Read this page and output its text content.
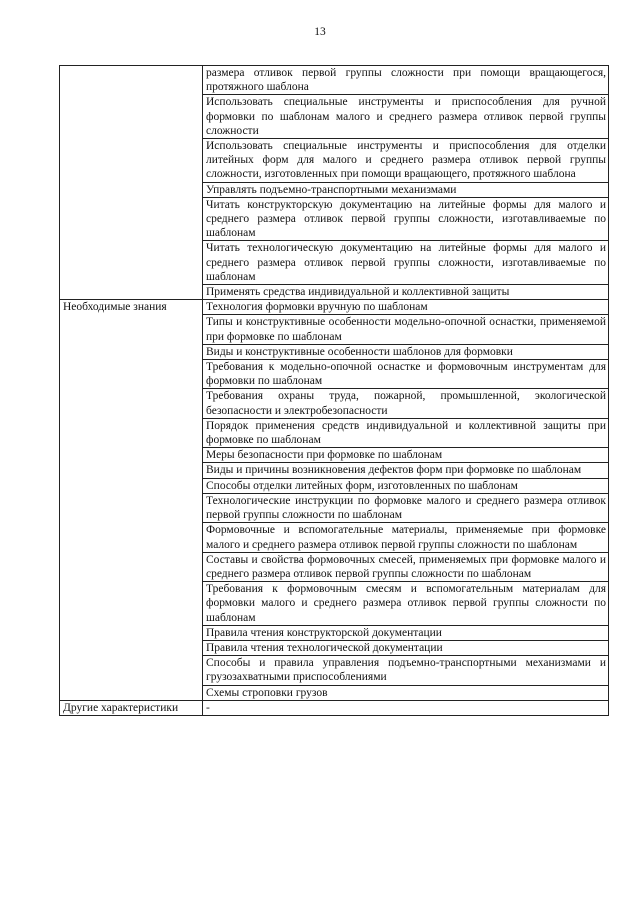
13
	размера отливок первой группы сложности при помощи вращающегося, протяжного шаблона
	Использовать специальные инструменты и приспособления для ручной формовки по шаблонам малого и среднего размера отливок первой группы сложности
	Использовать специальные инструменты и приспособления для отделки литейных форм для малого и среднего размера отливок первой группы сложности, изготовленных при помощи вращающего, протяжного шаблона
	Управлять подъемно-транспортными механизмами
	Читать конструкторскую документацию на литейные формы для малого и среднего размера отливок первой группы сложности, изготавливаемые по шаблонам
	Читать технологическую документацию на литейные формы для малого и среднего размера отливок первой группы сложности, изготавливаемые по шаблонам
	Применять средства индивидуальной и коллективной защиты
Необходимые знания	Технология формовки вручную по шаблонам
	Типы и конструктивные особенности модельно-опочной оснастки, применяемой при формовке по шаблонам
	Виды и конструктивные особенности шаблонов для формовки
	Требования к модельно-опочной оснастке и формовочным инструментам для формовки по шаблонам
	Требования охраны труда, пожарной, промышленной, экологической безопасности и электробезопасности
	Порядок применения средств индивидуальной и коллективной защиты при формовке по шаблонам
	Меры безопасности при формовке по шаблонам
	Виды и причины возникновения дефектов форм при формовке по шаблонам
	Способы отделки литейных форм, изготовленных по шаблонам
	Технологические инструкции по формовке малого и среднего размера отливок первой группы сложности по шаблонам
	Формовочные и вспомогательные материалы, применяемые при формовке малого и среднего размера отливок первой группы сложности по шаблонам
	Составы и свойства формовочных смесей, применяемых при формовке малого и среднего размера отливок первой группы сложности по шаблонам
	Требования к формовочным смесям и вспомогательным материалам для формовки малого и среднего размера отливок первой группы сложности по шаблонам
	Правила чтения конструкторской документации
	Правила чтения технологической документации
	Способы и правила управления подъемно-транспортными механизмами и грузозахватными приспособлениями
	Схемы строповки грузов
Другие характеристики	-
